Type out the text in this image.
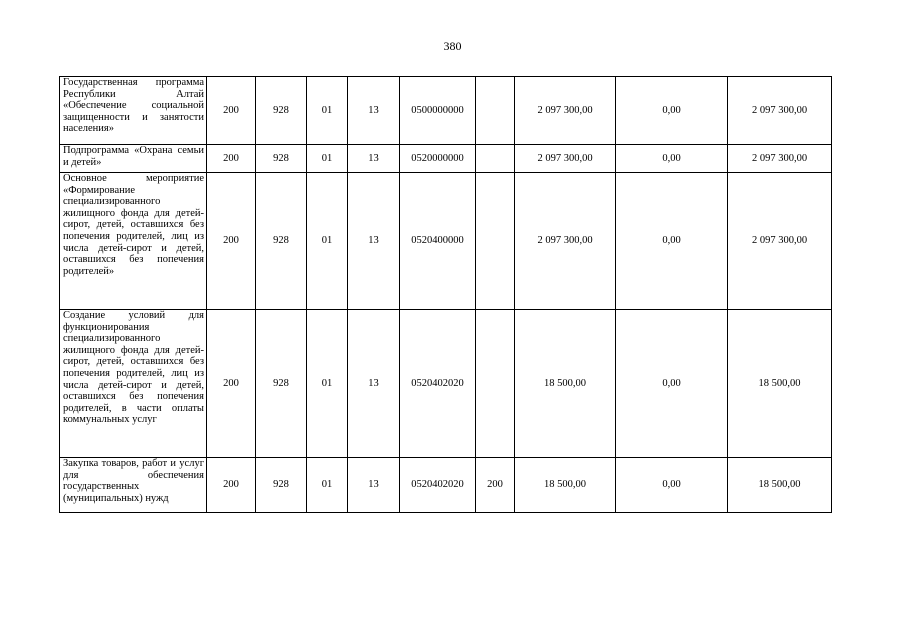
380
Государственная программа Республики Алтай «Обеспечение социальной защищенности и занятости населения»	200	928	01	13	0500000000		2 097 300,00	0,00	2 097 300,00
Подпрограмма «Охрана семьи и детей»	200	928	01	13	0520000000		2 097 300,00	0,00	2 097 300,00
Основное мероприятие «Формирование специализированного жилищного фонда для детей-сирот, детей, оставшихся без попечения родителей, лиц из числа детей-сирот и детей, оставшихся без попечения родителей»	200	928	01	13	0520400000		2 097 300,00	0,00	2 097 300,00
Создание условий для функционирования специализированного жилищного фонда для детей-сирот, детей, оставшихся без попечения родителей, лиц из числа детей-сирот и детей, оставшихся без попечения родителей, в части оплаты коммунальных услуг	200	928	01	13	0520402020		18 500,00	0,00	18 500,00
Закупка товаров, работ и услуг для обеспечения государственных (муниципальных) нужд	200	928	01	13	0520402020	200	18 500,00	0,00	18 500,00
